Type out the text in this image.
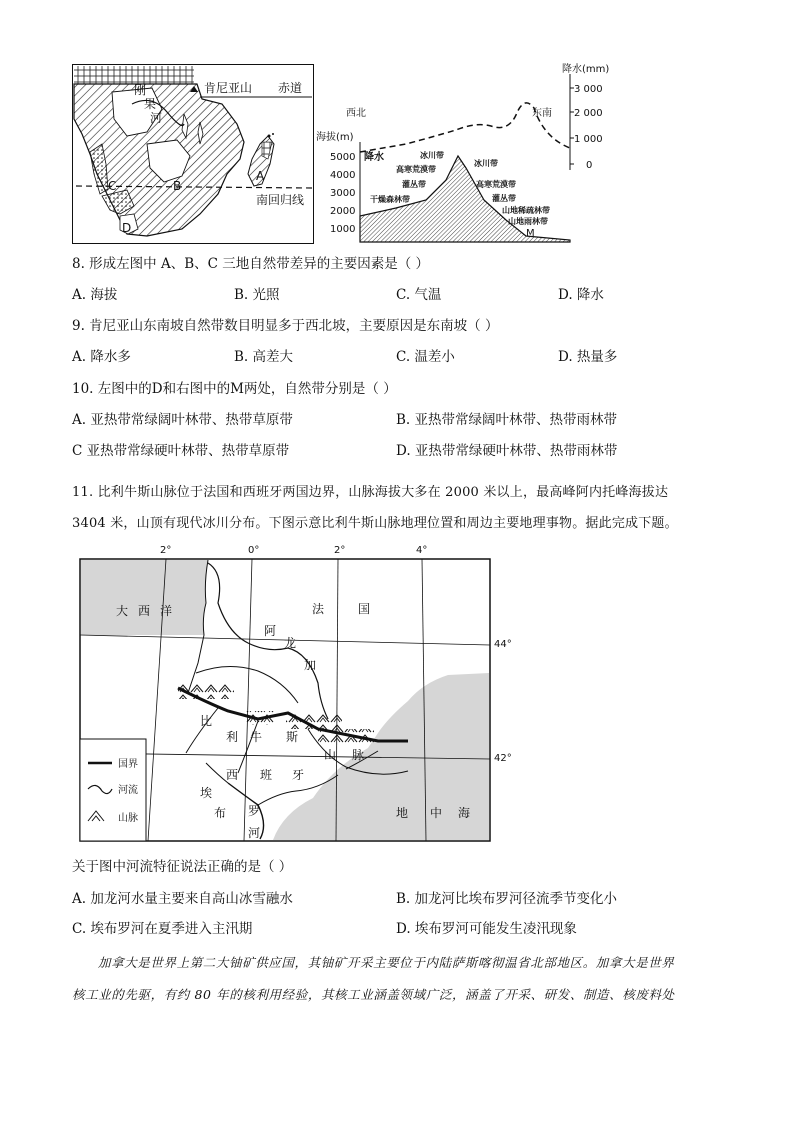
刚
果
河
肯尼亚山 赤道
A
B
C
D
南回归线
降水(mm)
3 000
2 000
1 000
0
西北	东南
海拔(m)
5000
4000
3000
2000
1000
降水	冰川带
高寒荒漠带
灌丛带
干燥森林带
冰川带
高寒荒漠带
灌丛带
山地稀疏林带
山地雨林带
M
8. 形成左图中 A、B、C 三地自然带差异的主要因素是（ ）
A. 海拔	B. 光照	C. 气温	D. 降水
9. 肯尼亚山东南坡自然带数目明显多于西北坡，主要原因是东南坡（ ）
A. 降水多	B. 高差大	C. 温差小	D. 热量多
10. 左图中的D和右图中的M两处，自然带分别是（ ）
A. 亚热带常绿阔叶林带、热带草原带	B. 亚热带常绿阔叶林带、热带雨林带
C 亚热带常绿硬叶林带、热带草原带	D. 亚热带常绿硬叶林带、热带雨林带
11. 比利牛斯山脉位于法国和西班牙两国边界，山脉海拔大多在 2000 米以上，最高峰阿内托峰海拔达
3404 米，山顶有现代冰川分布。下图示意比利牛斯山脉地理位置和周边主要地理事物。据此完成下题。
2°	0°	2°	4°
44°
42°
大 西 洋	法	国
阿
龙
加
比
利 牛 斯
山 脉
西 班 牙
埃
布 罗
河
地 中 海
国界
河流
山脉
关于图中河流特征说法正确的是（ ）
A. 加龙河水量主要来自高山冰雪融水	B. 加龙河比埃布罗河径流季节变化小
C. 埃布罗河在夏季进入主汛期	D. 埃布罗河可能发生凌汛现象
加拿大是世界上第二大铀矿供应国，其铀矿开采主要位于内陆萨斯喀彻温省北部地区。加拿大是世界
核工业的先驱，有约 80 年的核利用经验，其核工业涵盖领域广泛，涵盖了开采、研发、制造、核废料处
